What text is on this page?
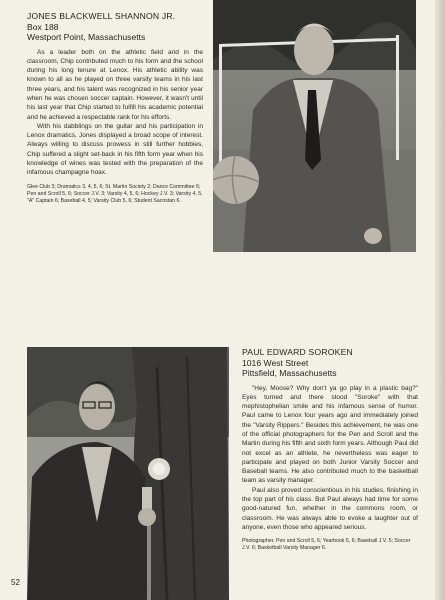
JONES BLACKWELL SHANNON JR.
Box 188
Westport Point, Massachusetts

As a leader both on the athletic field and in the classroom, Chip contributed much to his form and the school during his long tenure at Lenox. His athletic ability was known to all as he played on three varsity teams in his last three years, and his talent was recognized in his senior year when he was chosen soccer captain. However, it wasn't until his last year that Chip started to fulfill his academic potential and he achieved a respectable rank for his efforts.

With his dabblings on the guitar and his participation in Lenox dramatics, Jones displayed a broad scope of interest. Always willing to discuss prowess in still further hobbies, Chip suffered a slight set-back in his fifth form year when his knowledge of wines was tested with the preparation of the infamous champagne hoax.

Glee Club 3; Dramatics 3, 4, 5, 6; St. Martin Society 2; Dance Committee 6; Pen and Scroll 5, 6; Soccer J.V. 3; Varsity 4, 5, 6; Hockey J.V. 3; Varsity 4, 5, "A" Captain 6; Baseball 4, 5; Varsity Club 5, 6; Student Sacristan 6.
PAUL EDWARD SOROKEN
1016 West Street
Pittsfield, Massachusetts

"Hey, Moose? Why don't ya go play in a plastic bag?" Eyes turned and there stood "Soroke" with that mephistophelian smile and his infamous sense of humor. Paul came to Lenox four years ago and immediately joined the "Varsity Rippers." Besides this achievement, he was one of the official photographers for the Pen and Scroll and the Martin during his fifth and sixth form years. Although Paul did not excel as an athlete, he nevertheless was eager to participate and played on both Junior Varsity Soccer and Baseball teams. He also contributed much to the basketball team as varsity manager.

Paul also proved conscientious in his studies, finishing in the top part of his class. But Paul always had time for some good-natured fun, whether in the commons room, or classroom. He was always able to evoke a laughter out of anyone, even those who appeared serious.

Photographer, Pen and Scroll 5, 6; Yearbook 5, 6; Baseball J.V. 5; Soccer J.V. 6; Basketball Varsity Manager 6.
52
